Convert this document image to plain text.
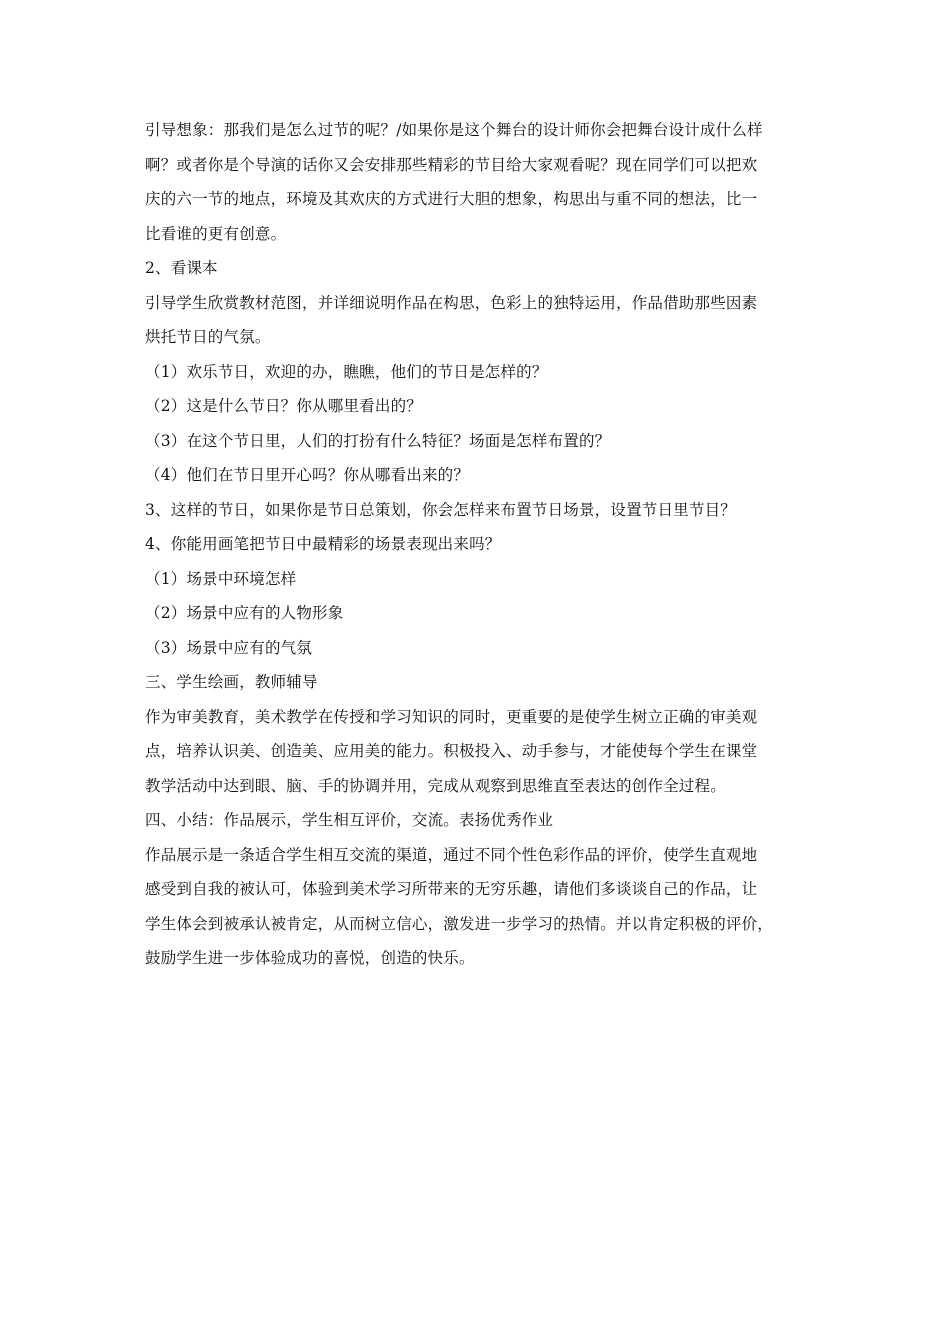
引导想象：那我们是怎么过节的呢？/如果你是这个舞台的设计师你会把舞台设计成什么样
啊？或者你是个导演的话你又会安排那些精彩的节目给大家观看呢？现在同学们可以把欢
庆的六一节的地点，环境及其欢庆的方式进行大胆的想象，构思出与重不同的想法，比一
比看谁的更有创意。
2、看课本
引导学生欣赏教材范图，并详细说明作品在构思，色彩上的独特运用，作品借助那些因素
烘托节日的气氛。
（1）欢乐节日，欢迎的办，瞧瞧，他们的节日是怎样的？
（2）这是什么节日？你从哪里看出的？
（3）在这个节日里，人们的打扮有什么特征？场面是怎样布置的？
（4）他们在节日里开心吗？你从哪看出来的？
3、这样的节日，如果你是节日总策划，你会怎样来布置节日场景，设置节日里节目？
4、你能用画笔把节日中最精彩的场景表现出来吗？
（1）场景中环境怎样
（2）场景中应有的人物形象
（3）场景中应有的气氛
三、学生绘画，教师辅导
作为审美教育，美术教学在传授和学习知识的同时，更重要的是使学生树立正确的审美观
点，培养认识美、创造美、应用美的能力。积极投入、动手参与，才能使每个学生在课堂
教学活动中达到眼、脑、手的协调并用，完成从观察到思维直至表达的创作全过程。
四、小结：作品展示，学生相互评价，交流。表扬优秀作业
作品展示是一条适合学生相互交流的渠道，通过不同个性色彩作品的评价，使学生直观地
感受到自我的被认可，体验到美术学习所带来的无穷乐趣，请他们多谈谈自己的作品，让
学生体会到被承认被肯定，从而树立信心，激发进一步学习的热情。并以肯定积极的评价，
鼓励学生进一步体验成功的喜悦，创造的快乐。
